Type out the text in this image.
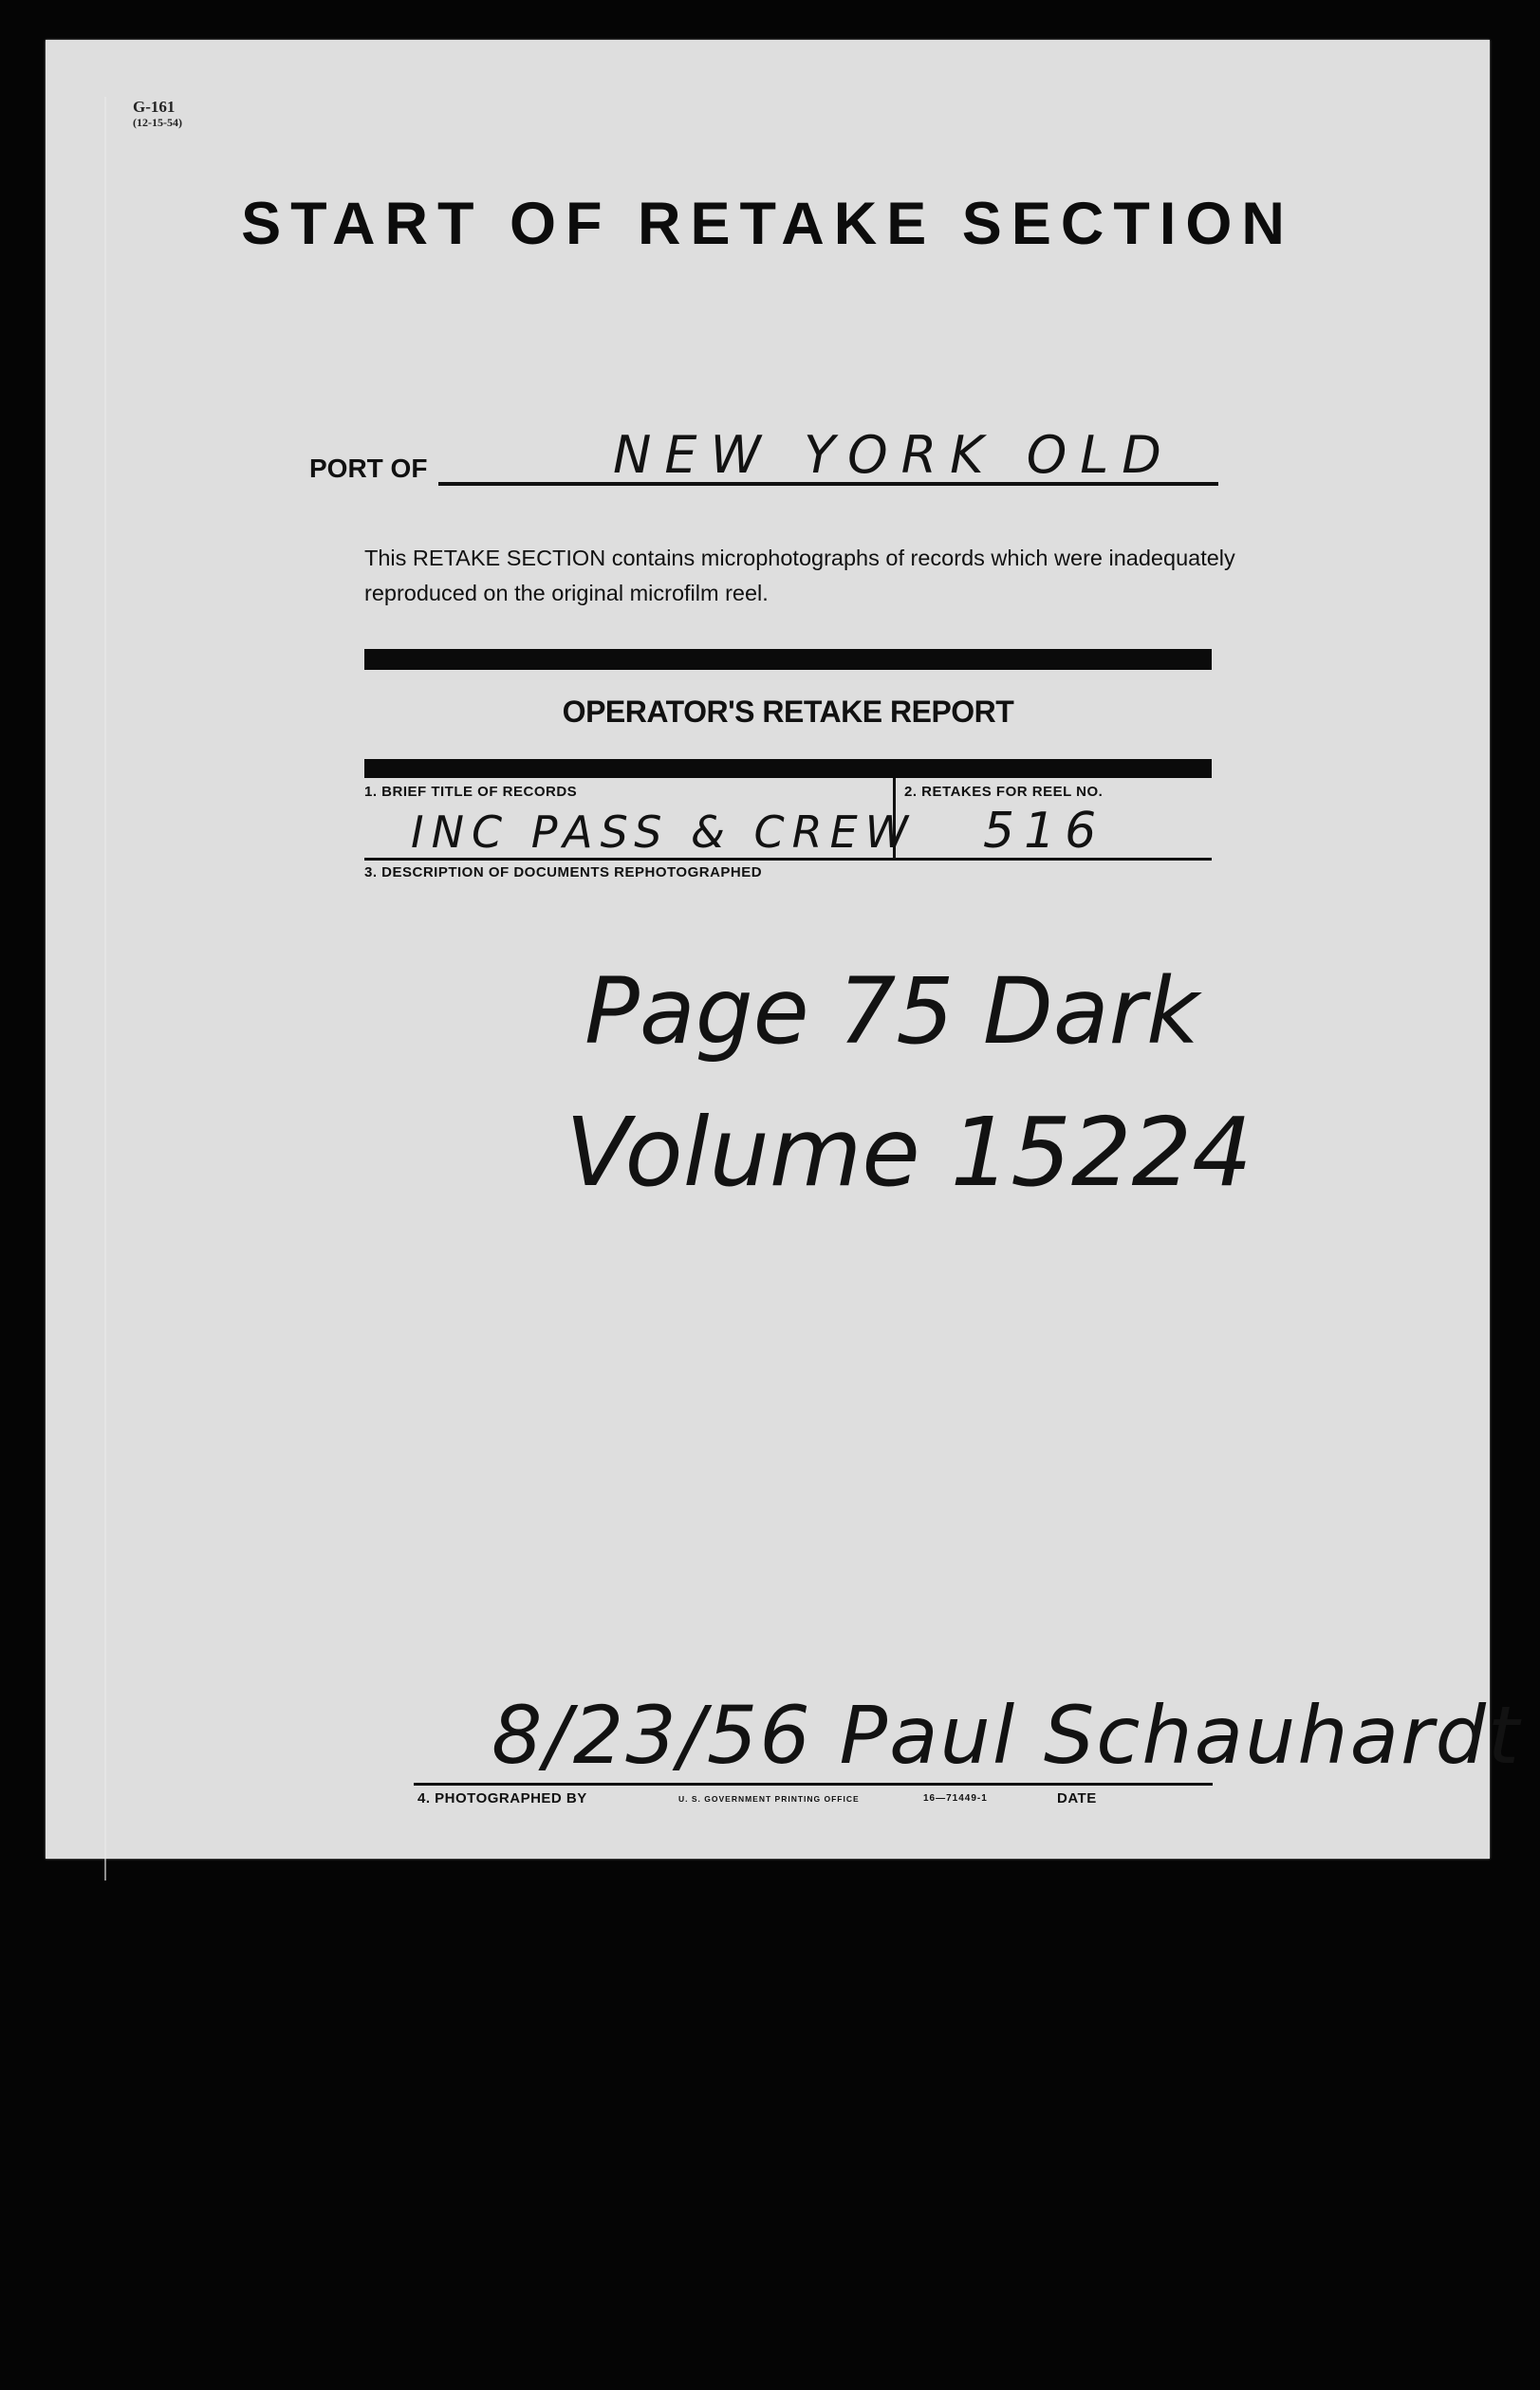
G-161
(12-15-54)
START OF RETAKE SECTION
PORT OF	NEW YORK OLD
This RETAKE SECTION contains microphotographs of records which were inadequately reproduced on the original microfilm reel.
OPERATOR'S RETAKE REPORT
1. BRIEF TITLE OF RECORDS	2. RETAKES FOR REEL NO.
INC PASS & CREW 516
3. DESCRIPTION OF DOCUMENTS REPHOTOGRAPHED
Page 75 Dark
Volume 15224
8/23/56 Paul Schauhardt
4. PHOTOGRAPHED BY	U. S. GOVERNMENT PRINTING OFFICE	16—71449-1	DATE
